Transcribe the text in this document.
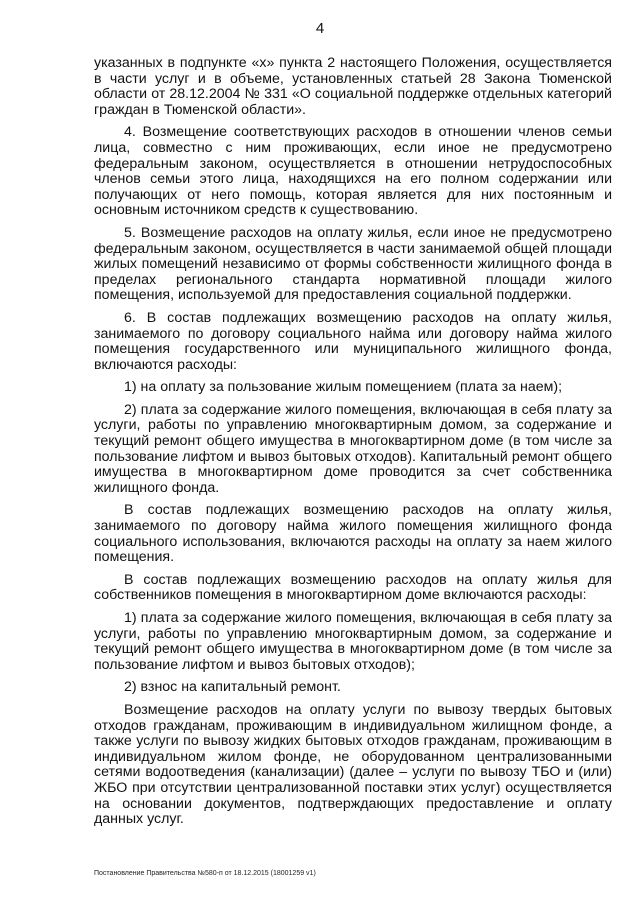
4

указанных в подпункте «х» пункта 2 настоящего Положения, осуществляется в части услуг и в объеме, установленных статьей 28 Закона Тюменской области от 28.12.2004 № 331 «О социальной поддержке отдельных категорий граждан в Тюменской области».

4. Возмещение соответствующих расходов в отношении членов семьи лица, совместно с ним проживающих, если иное не предусмотрено федеральным законом, осуществляется в отношении нетрудоспособных членов семьи этого лица, находящихся на его полном содержании или получающих от него помощь, которая является для них постоянным и основным источником средств к существованию.

5. Возмещение расходов на оплату жилья, если иное не предусмотрено федеральным законом, осуществляется в части занимаемой общей площади жилых помещений независимо от формы собственности жилищного фонда в пределах регионального стандарта нормативной площади жилого помещения, используемой для предоставления социальной поддержки.

6. В состав подлежащих возмещению расходов на оплату жилья, занимаемого по договору социального найма или договору найма жилого помещения государственного или муниципального жилищного фонда, включаются расходы:

1) на оплату за пользование жилым помещением (плата за наем);

2) плата за содержание жилого помещения, включающая в себя плату за услуги, работы по управлению многоквартирным домом, за содержание и текущий ремонт общего имущества в многоквартирном доме (в том числе за пользование лифтом и вывоз бытовых отходов). Капитальный ремонт общего имущества в многоквартирном доме проводится за счет собственника жилищного фонда.

В состав подлежащих возмещению расходов на оплату жилья, занимаемого по договору найма жилого помещения жилищного фонда социального использования, включаются расходы на оплату за наем жилого помещения.

В состав подлежащих возмещению расходов на оплату жилья для собственников помещения в многоквартирном доме включаются расходы:

1) плата за содержание жилого помещения, включающая в себя плату за услуги, работы по управлению многоквартирным домом, за содержание и текущий ремонт общего имущества в многоквартирном доме (в том числе за пользование лифтом и вывоз бытовых отходов);

2) взнос на капитальный ремонт.

Возмещение расходов на оплату услуги по вывозу твердых бытовых отходов гражданам, проживающим в индивидуальном жилищном фонде, а также услуги по вывозу жидких бытовых отходов гражданам, проживающим в индивидуальном жилом фонде, не оборудованном централизованными сетями водоотведения (канализации) (далее – услуги по вывозу ТБО и (или) ЖБО при отсутствии централизованной поставки этих услуг) осуществляется на основании документов, подтверждающих предоставление и оплату данных услуг.

Постановление Правительства №580-п от 18.12.2015 (18001259 v1)
